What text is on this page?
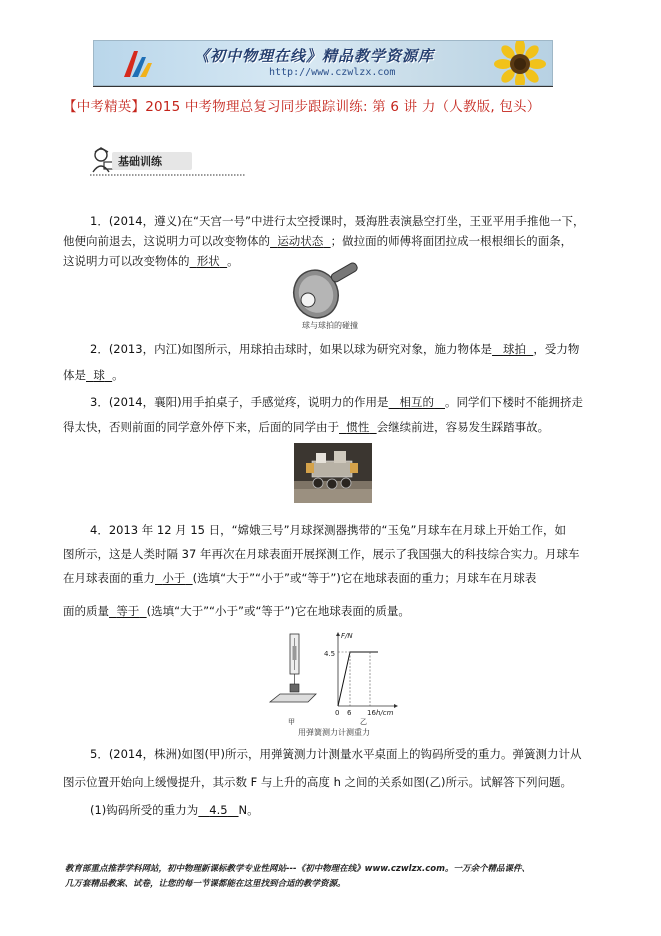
《初中物理在线》精品教学资源库
http://www.czwlzx.com
【中考精英】2015 中考物理总复习同步跟踪训练: 第 6 讲 力（人教版, 包头）
基础训练
1．(2014，遵义)在“天宫一号”中进行太空授课时，聂海胜表演悬空打坐，王亚平用手推他一下，
他便向前退去，这说明力可以改变物体的 运动状态 ；做拉面的师傅将面团拉成一根根细长的面条，
这说明力可以改变物体的 形状 。
球与球拍的碰撞
2．(2013，内江)如图所示，用球拍击球时，如果以球为研究对象，施力物体是 球拍 ，受力物
体是 球 。
3．(2014，襄阳)用手拍桌子，手感觉疼，说明力的作用是 相互的 。同学们下楼时不能拥挤走
得太快，否则前面的同学意外停下来，后面的同学由于 惯性 会继续前进，容易发生踩踏事故。
4．2013 年 12 月 15 日，“嫦娥三号”月球探测器携带的“玉兔”月球车在月球上开始工作，如
图所示，这是人类时隔 37 年再次在月球表面开展探测工作，展示了我国强大的科技综合实力。月球车
在月球表面的重力 小于 (选填“大于”“小于”或“等于”)它在地球表面的重力；月球车在月球表
面的质量 等于 (选填“大于”“小于”或“等于”)它在地球表面的质量。
F/N
4.5
0 6 16 h/cm
甲	乙
用弹簧测力计测重力
5．(2014，株洲)如图(甲)所示，用弹簧测力计测量水平桌面上的钩码所受的重力。弹簧测力计从
图示位置开始向上缓慢提升，其示数 F 与上升的高度 h 之间的关系如图(乙)所示。试解答下列问题。
(1)钩码所受的重力为 4.5 N。
教育部重点推荐学科网站，初中物理新课标教学专业性网站---《初中物理在线》www.czwlzx.com。一万余个精品课件、
几万套精品教案、试卷，让您的每一节课都能在这里找到合适的教学资源。
